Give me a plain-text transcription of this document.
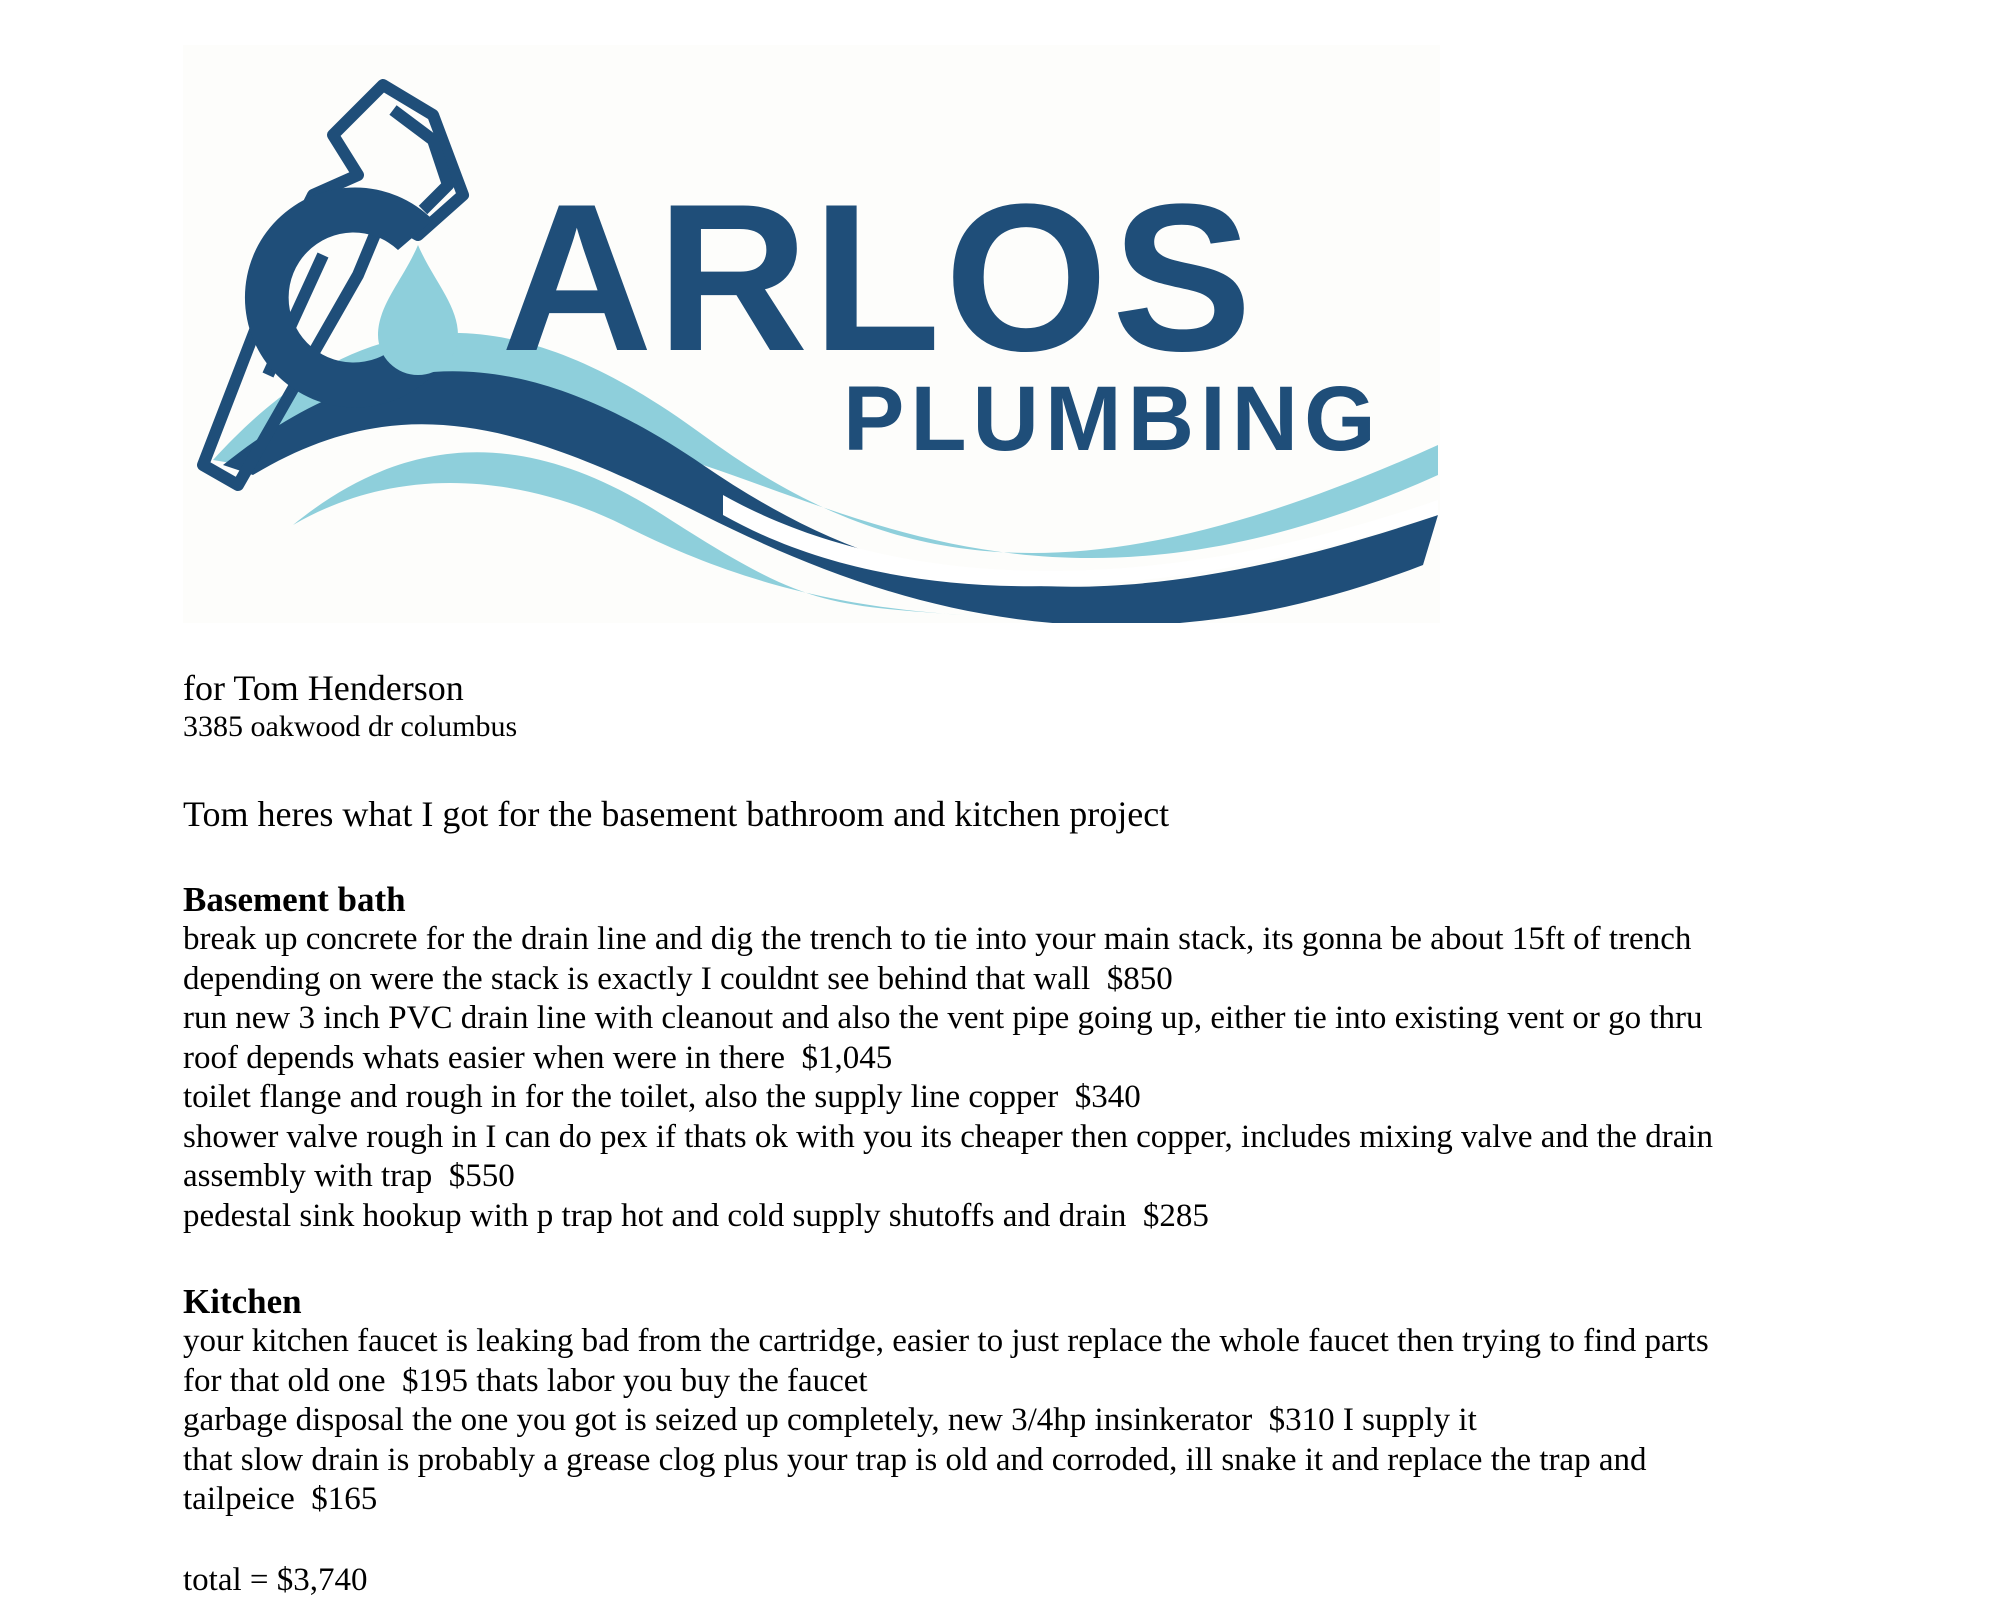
ARLOS
PLUMBING
for Tom Henderson
3385 oakwood dr columbus
Tom heres what I got for the basement bathroom and kitchen project
Basement bath
break up concrete for the drain line and dig the trench to tie into your main stack, its gonna be about 15ft of trench
depending on were the stack is exactly I couldnt see behind that wall  $850
run new 3 inch PVC drain line with cleanout and also the vent pipe going up, either tie into existing vent or go thru
roof depends whats easier when were in there  $1,045
toilet flange and rough in for the toilet, also the supply line copper  $340
shower valve rough in I can do pex if thats ok with you its cheaper then copper, includes mixing valve and the drain
assembly with trap  $550
pedestal sink hookup with p trap hot and cold supply shutoffs and drain  $285
Kitchen
your kitchen faucet is leaking bad from the cartridge, easier to just replace the whole faucet then trying to find parts
for that old one  $195 thats labor you buy the faucet
garbage disposal the one you got is seized up completely, new 3/4hp insinkerator  $310 I supply it
that slow drain is probably a grease clog plus your trap is old and corroded, ill snake it and replace the trap and
tailpeice  $165
total = $3,740
